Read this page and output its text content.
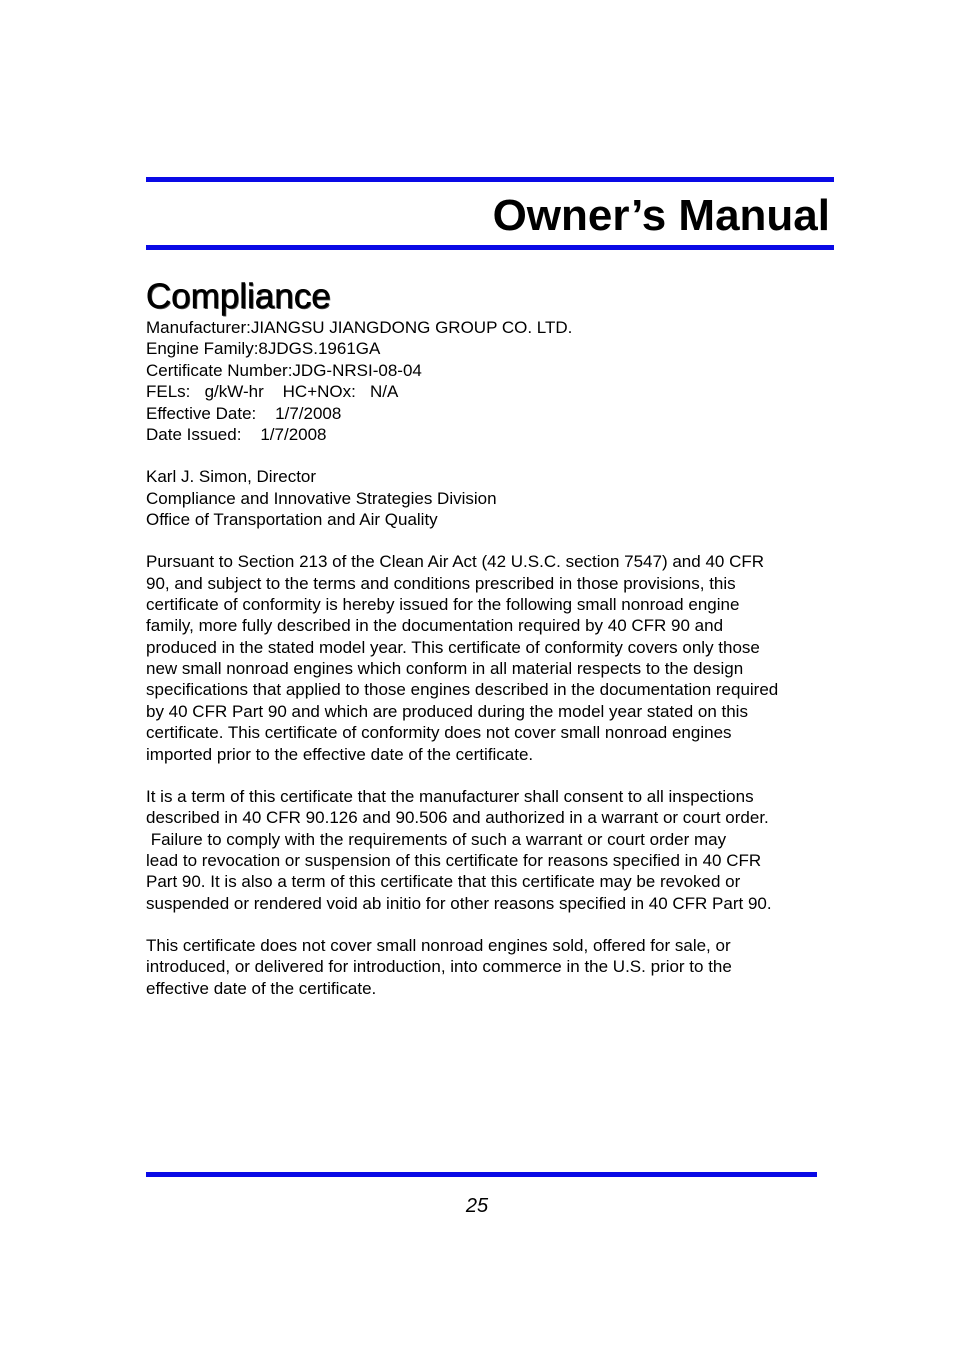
Owner’s Manual
Compliance
Manufacturer:JIANGSU JIANGDONG GROUP CO. LTD.
Engine Family:8JDGS.1961GA
Certificate Number:JDG-NRSI-08-04
FELs:   g/kW-hr    HC+NOx:   N/A
Effective Date:    1/7/2008
Date Issued:    1/7/2008
Karl J. Simon, Director
Compliance and Innovative Strategies Division
Office of Transportation and Air Quality
Pursuant to Section 213 of the Clean Air Act (42 U.S.C. section 7547) and 40 CFR
90, and subject to the terms and conditions prescribed in those provisions, this
certificate of conformity is hereby issued for the following small nonroad engine
family, more fully described in the documentation required by 40 CFR 90 and
produced in the stated model year. This certificate of conformity covers only those
new small nonroad engines which conform in all material respects to the design
specifications that applied to those engines described in the documentation required
by 40 CFR Part 90 and which are produced during the model year stated on this
certificate. This certificate of conformity does not cover small nonroad engines
imported prior to the effective date of the certificate.
It is a term of this certificate that the manufacturer shall consent to all inspections
described in 40 CFR 90.126 and 90.506 and authorized in a warrant or court order.
Failure to comply with the requirements of such a warrant or court order may
lead to revocation or suspension of this certificate for reasons specified in 40 CFR
Part 90. It is also a term of this certificate that this certificate may be revoked or
suspended or rendered void ab initio for other reasons specified in 40 CFR Part 90.
This certificate does not cover small nonroad engines sold, offered for sale, or
introduced, or delivered for introduction, into commerce in the U.S. prior to the
effective date of the certificate.
25
